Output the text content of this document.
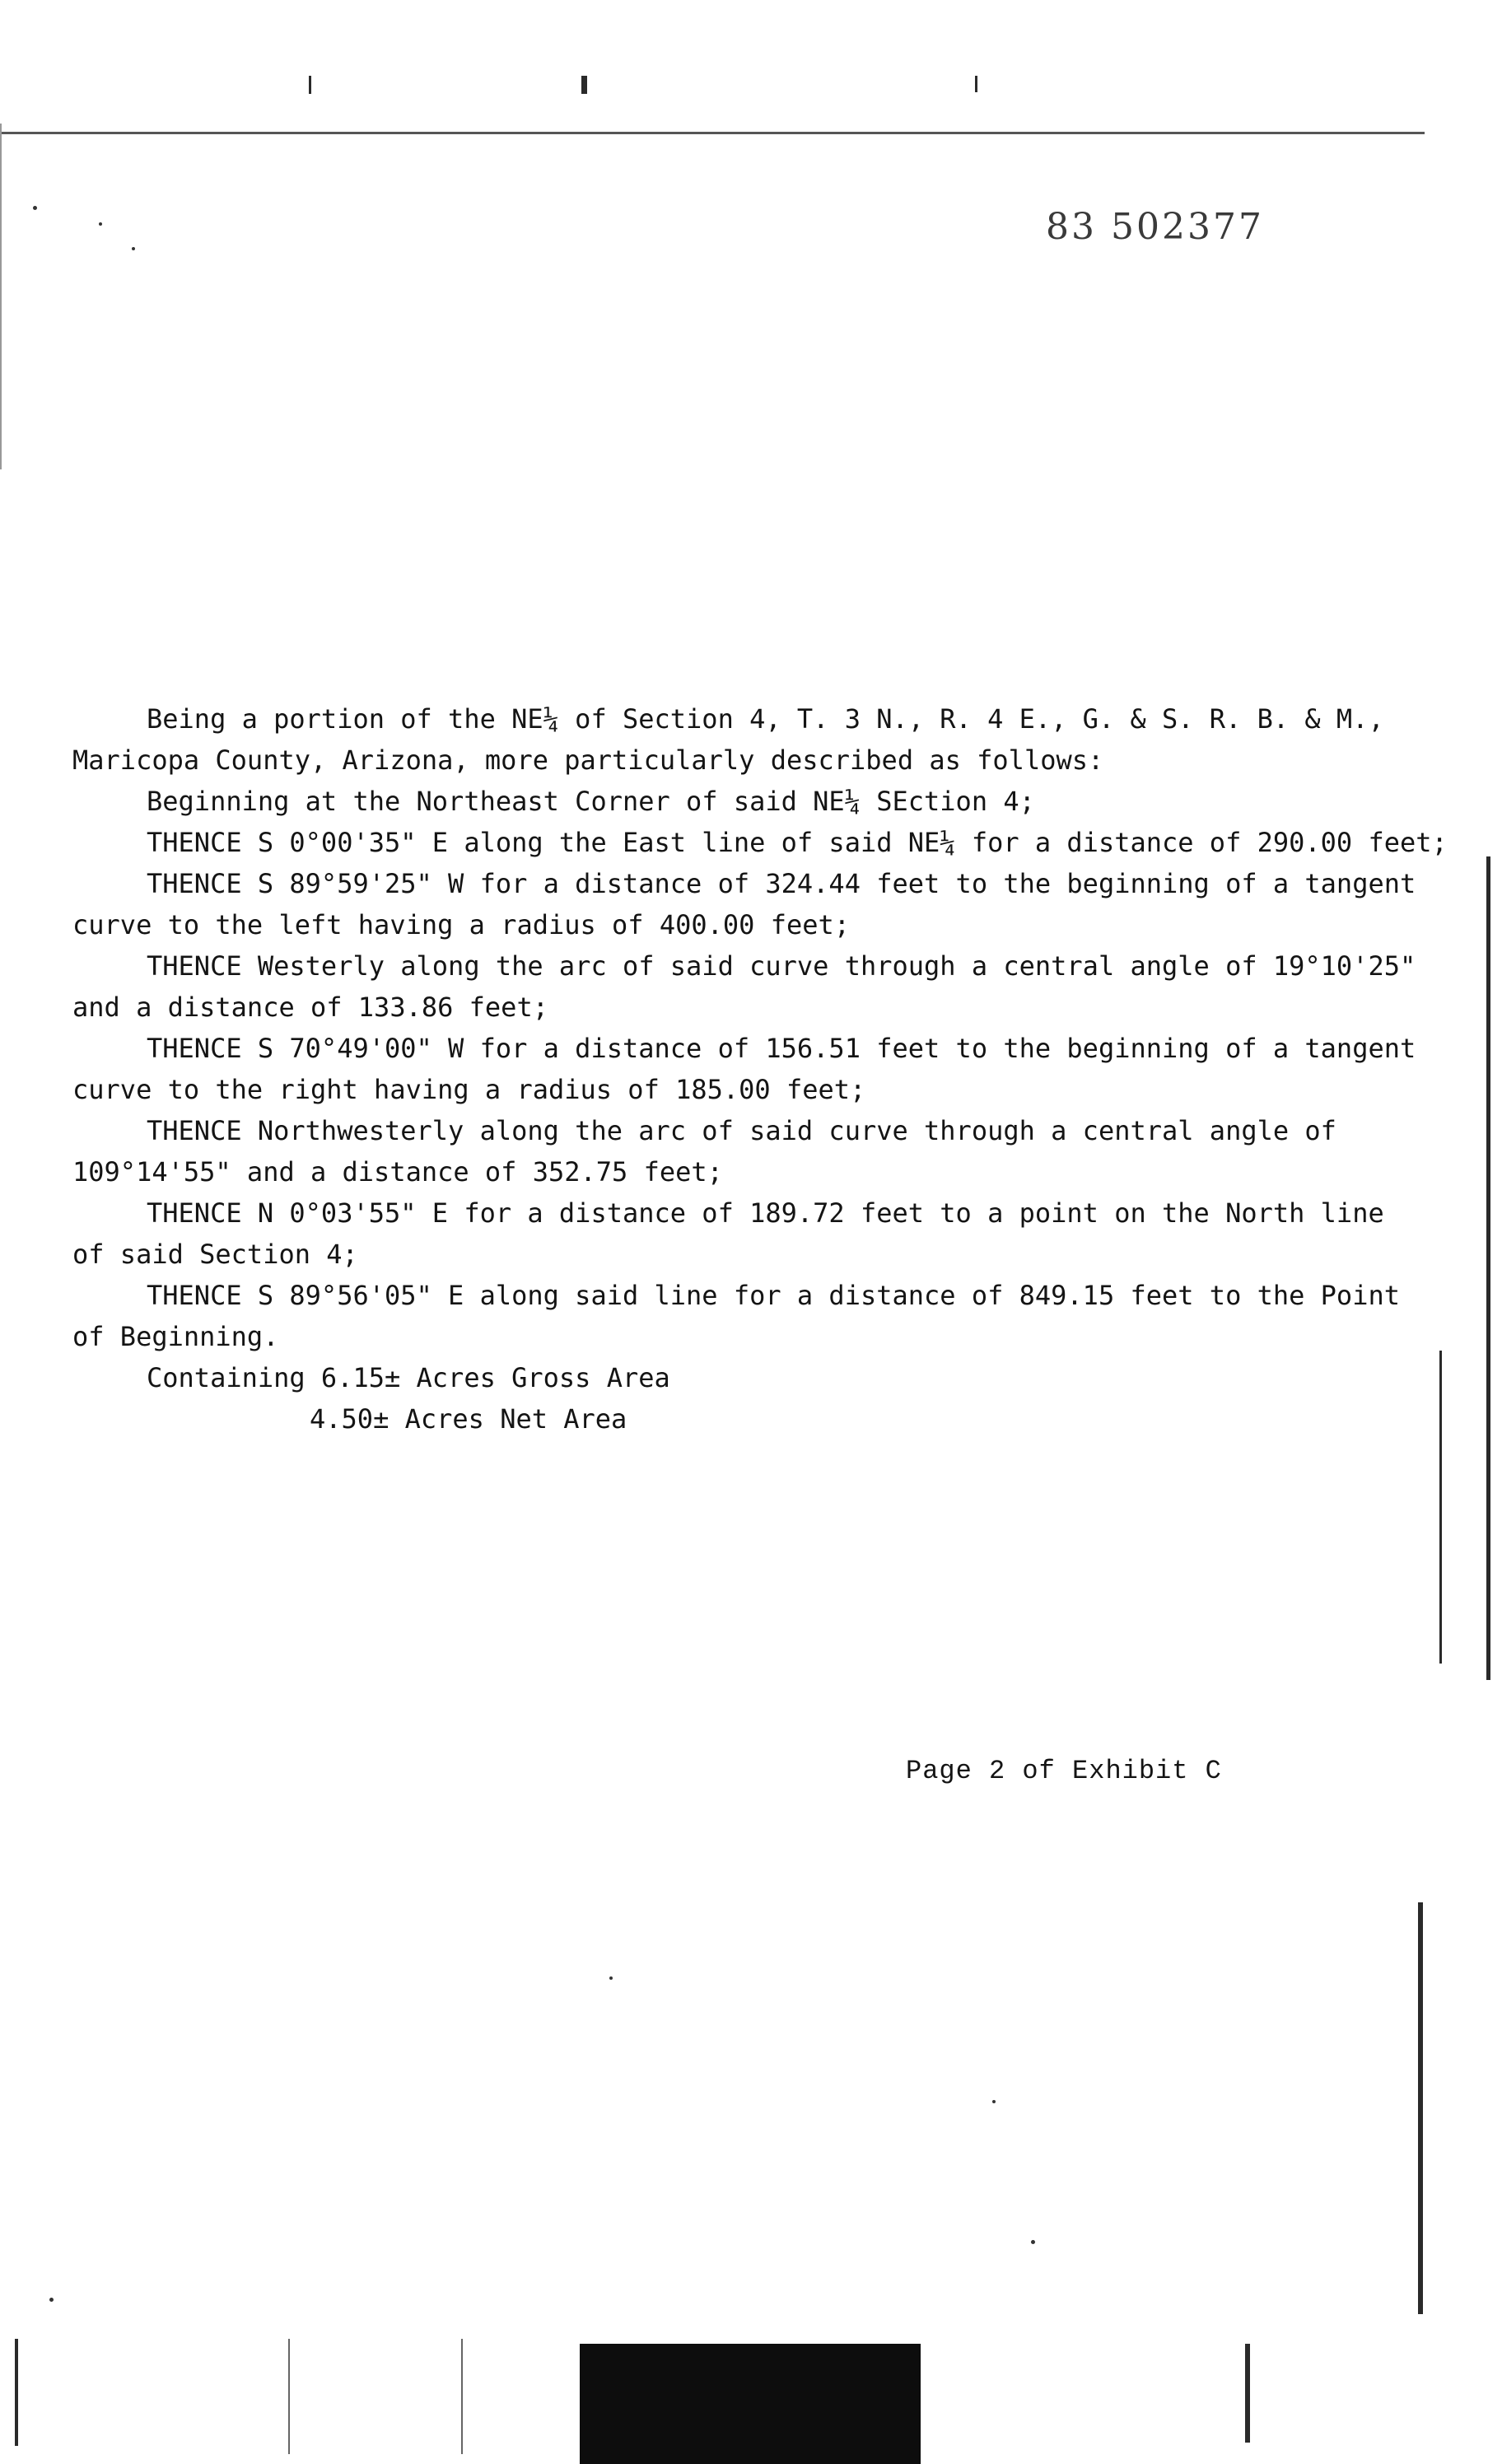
83 502377
Being a portion of the NE¼ of Section 4, T. 3 N., R. 4 E., G. & S. R. B. & M.,
Maricopa County, Arizona, more particularly described as follows:
Beginning at the Northeast Corner of said NE¼ SEction 4;
THENCE S 0°00'35" E along the East line of said NE¼ for a distance of 290.00 feet;
THENCE S 89°59'25" W for a distance of 324.44 feet to the beginning of a tangent
curve to the left having a radius of 400.00 feet;
THENCE Westerly along the arc of said curve through a central angle of 19°10'25"
and a distance of 133.86 feet;
THENCE S 70°49'00" W for a distance of 156.51 feet to the beginning of a tangent
curve to the right having a radius of 185.00 feet;
THENCE Northwesterly along the arc of said curve through a central angle of
109°14'55" and a distance of 352.75 feet;
THENCE N 0°03'55" E for a distance of 189.72 feet to a point on the North line
of said Section 4;
THENCE S 89°56'05" E along said line for a distance of 849.15 feet to the Point
of Beginning.
Containing 6.15± Acres Gross Area
4.50± Acres Net Area
Page 2 of Exhibit C
